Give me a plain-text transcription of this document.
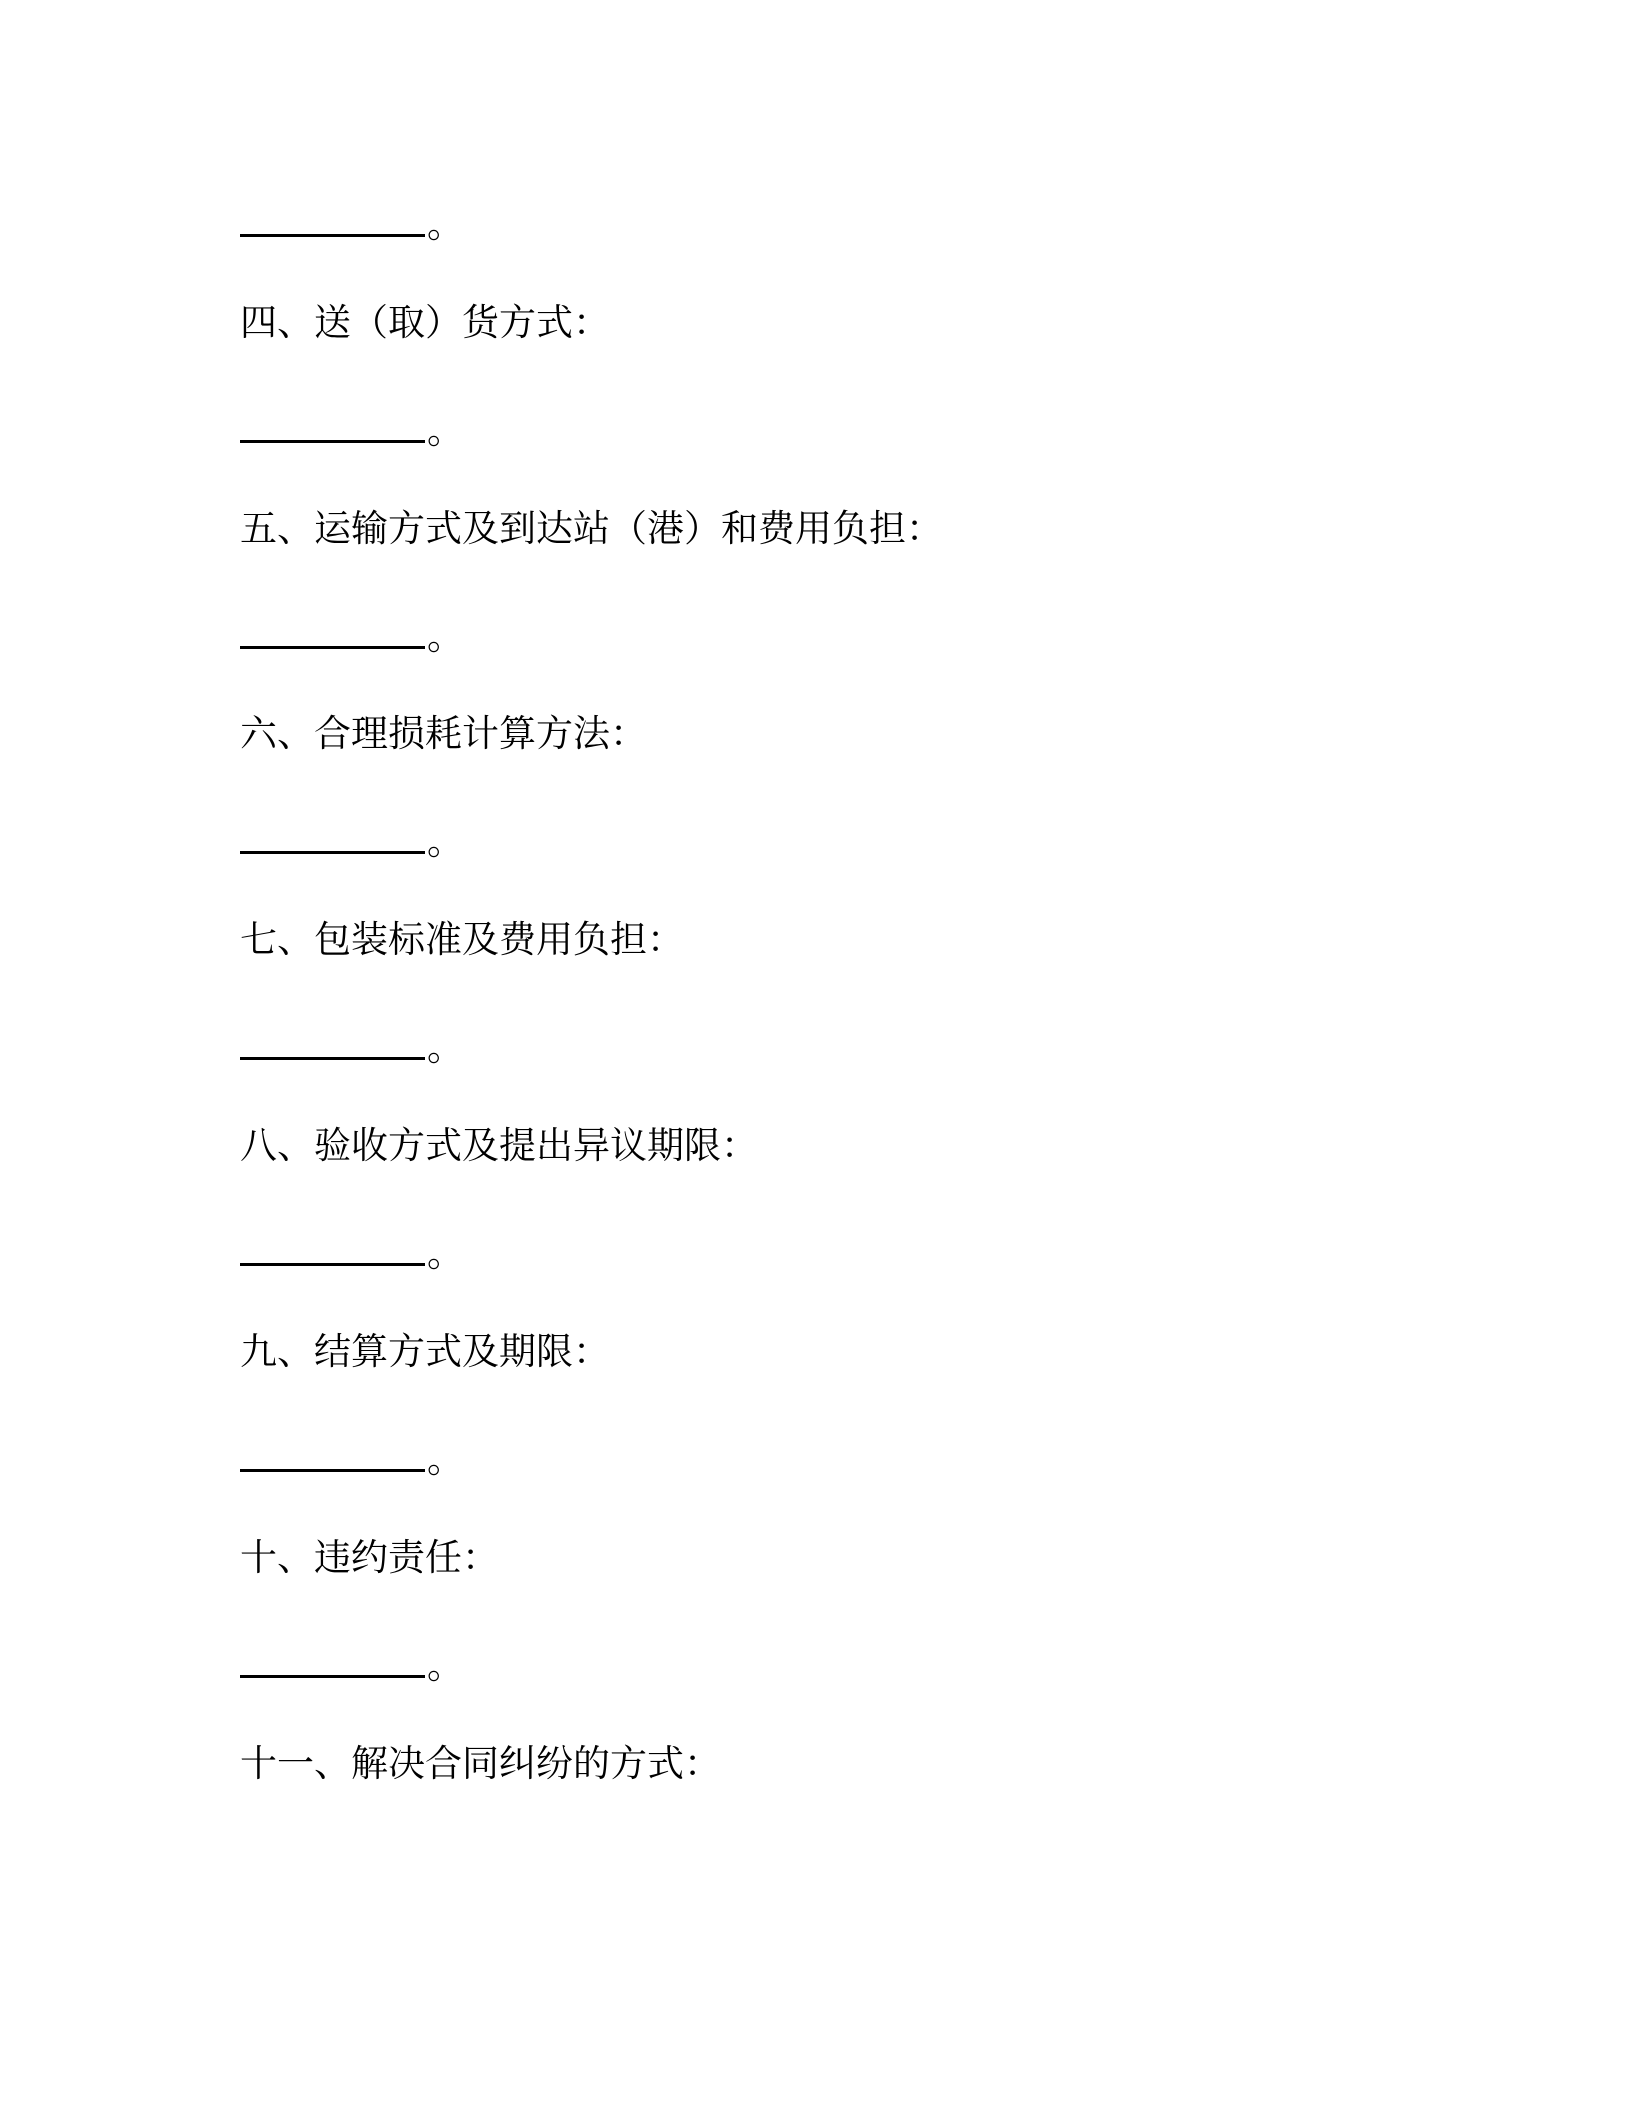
。
四、送（取）货方式：
。
五、运输方式及到达站（港）和费用负担：
。
六、合理损耗计算方法：
。
七、包装标准及费用负担：
。
八、验收方式及提出异议期限：
。
九、结算方式及期限：
。
十、违约责任：
。
十一、解决合同纠纷的方式：
